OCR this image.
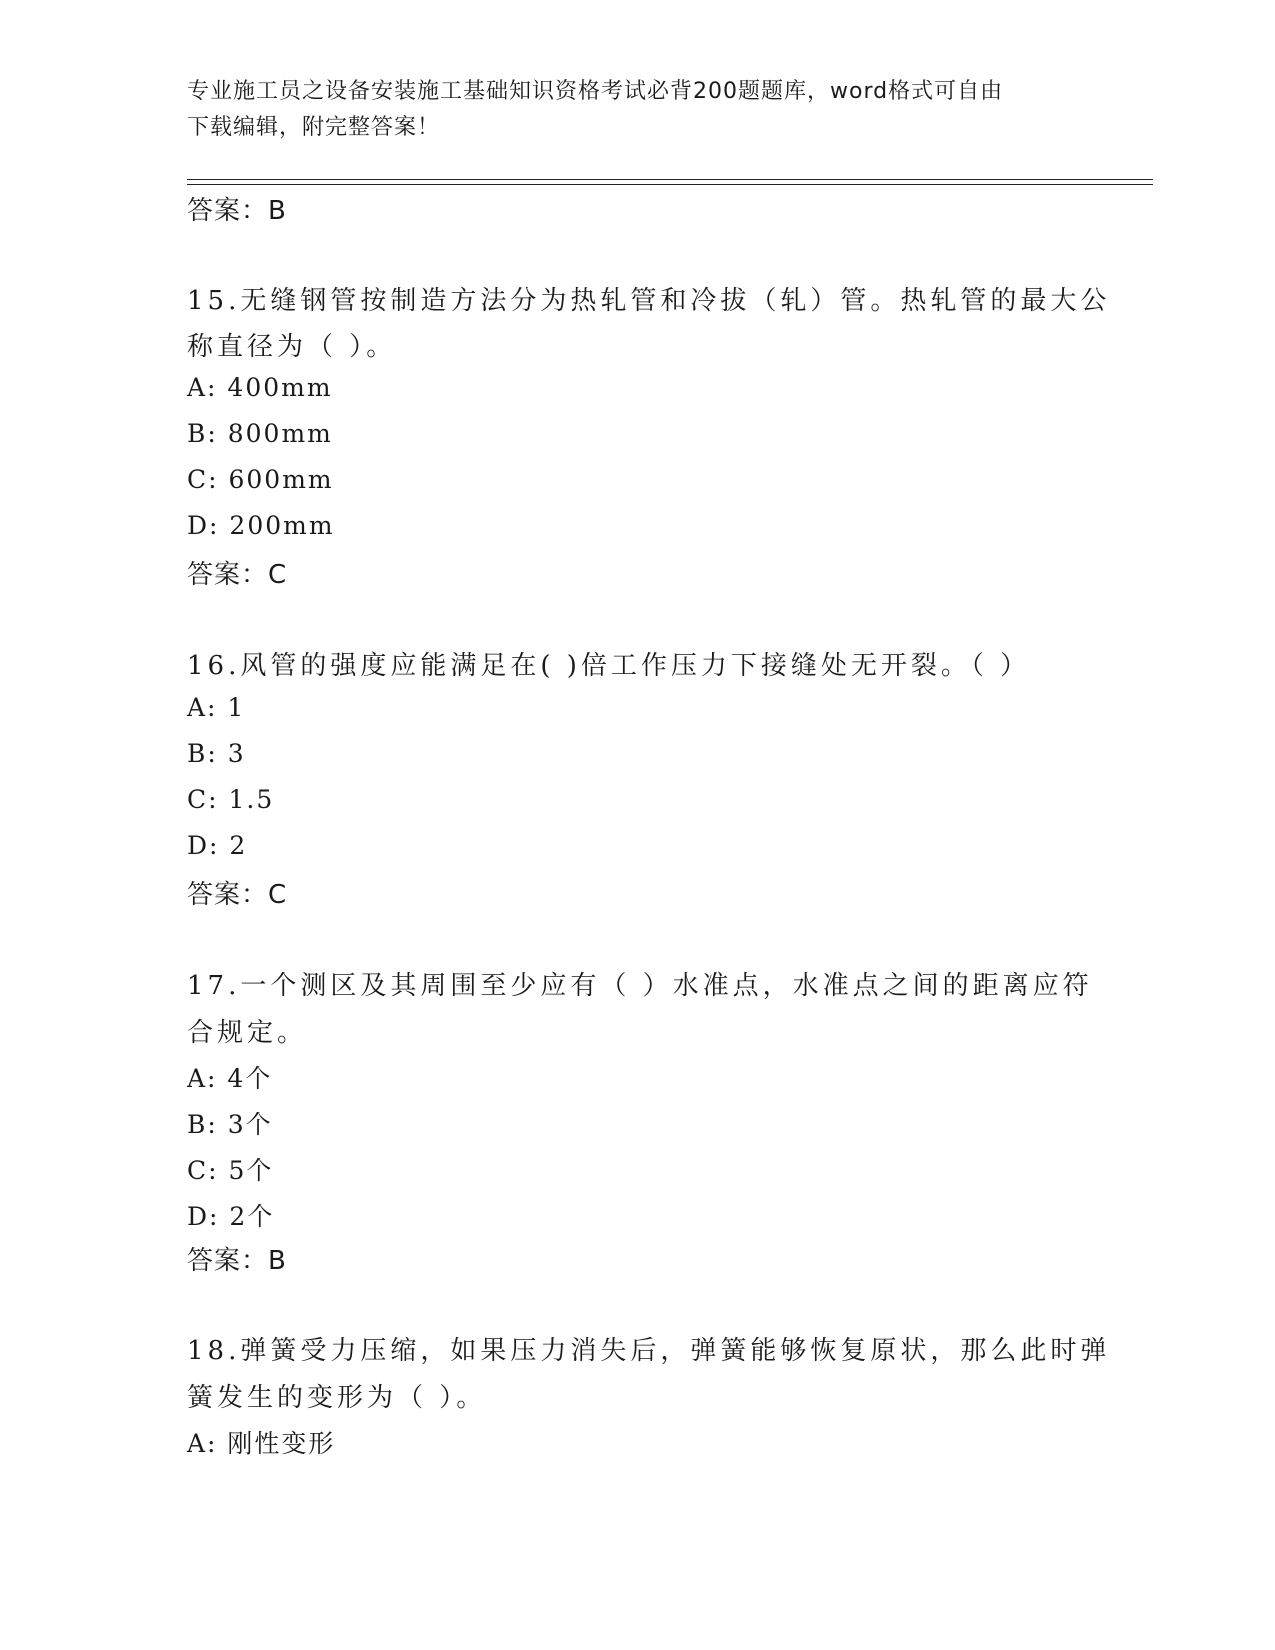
专业施工员之设备安装施工基础知识资格考试必背200题题库，word格式可自由
下载编辑，附完整答案！
答案：B
15.无缝钢管按制造方法分为热轧管和冷拔（轧）管。热轧管的最大公
称直径为（ ）。
A: 400mm
B: 800mm
C: 600mm
D: 200mm
答案：C
16.风管的强度应能满足在( )倍工作压力下接缝处无开裂。（ ）
A: 1
B: 3
C: 1.5
D: 2
答案：C
17.一个测区及其周围至少应有（ ）水准点，水准点之间的距离应符
合规定。
A: 4个
B: 3个
C: 5个
D: 2个
答案：B
18.弹簧受力压缩，如果压力消失后，弹簧能够恢复原状，那么此时弹
簧发生的变形为（ ）。
A: 刚性变形
